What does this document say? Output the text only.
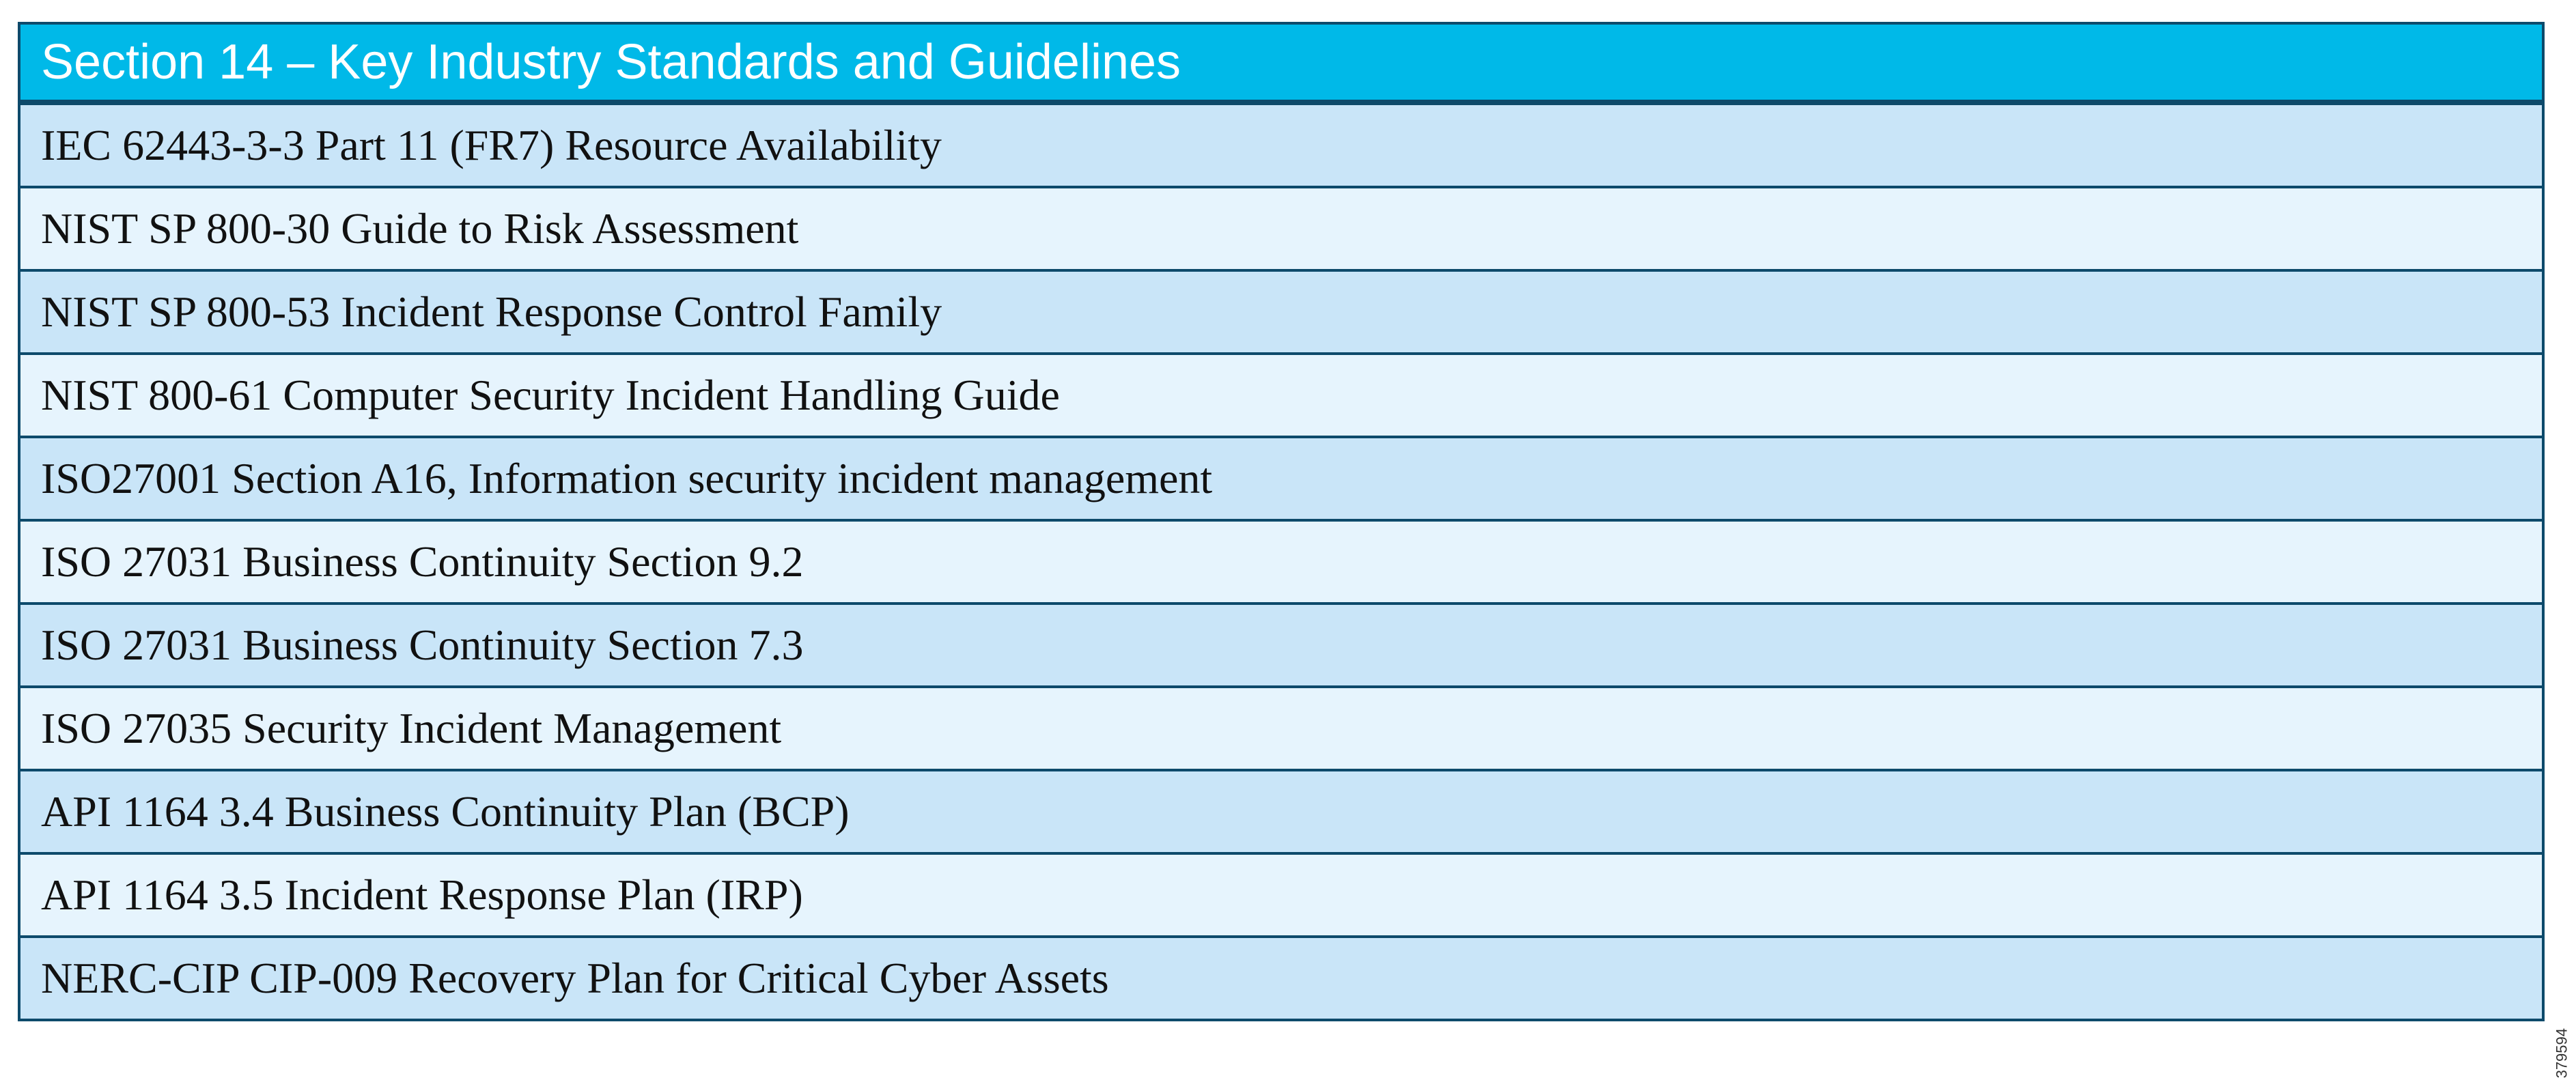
Section 14 – Key Industry Standards and Guidelines
IEC 62443-3-3 Part 11 (FR7) Resource Availability
NIST SP 800-30 Guide to Risk Assessment
NIST SP 800-53 Incident Response Control Family
NIST 800-61 Computer Security Incident Handling Guide
ISO27001 Section A16, Information security incident management
ISO 27031 Business Continuity Section 9.2
ISO 27031 Business Continuity Section 7.3
ISO 27035 Security Incident Management
API 1164 3.4 Business Continuity Plan (BCP)
API 1164 3.5 Incident Response Plan (IRP)
NERC-CIP CIP-009 Recovery Plan for Critical Cyber Assets
379594
